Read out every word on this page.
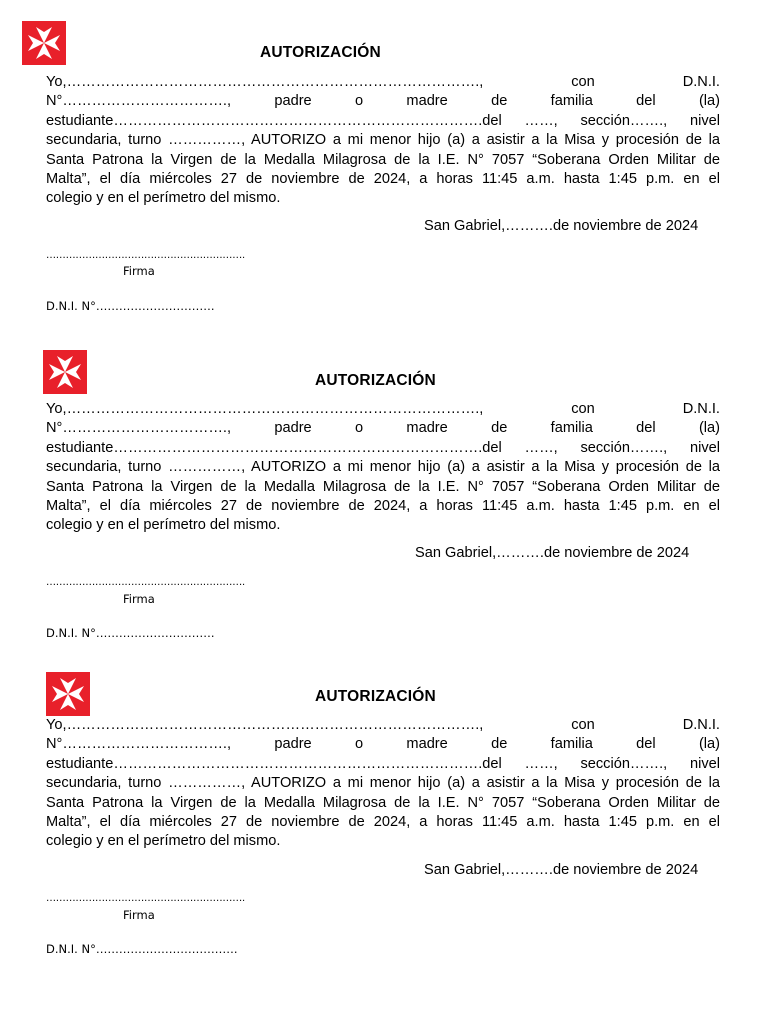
AUTORIZACIÓN
Yo,………………………………………………………………………….,	con	D.N.I.
N°…………………………….,	padre	o	madre	de	familia	del	(la)
estudiante………………………………………………………………….del ……, sección……., nivel
secundaria, turno ……………, AUTORIZO a mi menor hijo (a) a asistir a la Misa y procesión de la
Santa Patrona la Virgen de la Medalla Milagrosa de la I.E. N° 7057 “Soberana Orden Militar de
Malta”, el día miércoles 27 de noviembre de 2024, a horas 11:45 a.m. hasta 1:45 p.m. en el
colegio y en el perímetro del mismo.
San Gabriel,……….de noviembre de 2024
…………………………………………………….
Firma
D.N.I. N°………………………….
AUTORIZACIÓN
Yo,………………………………………………………………………….,	con	D.N.I.
N°…………………………….,	padre	o	madre	de	familia	del	(la)
estudiante………………………………………………………………….del ……, sección……., nivel
secundaria, turno ……………, AUTORIZO a mi menor hijo (a) a asistir a la Misa y procesión de la
Santa Patrona la Virgen de la Medalla Milagrosa de la I.E. N° 7057 “Soberana Orden Militar de
Malta”, el día miércoles 27 de noviembre de 2024, a horas 11:45 a.m. hasta 1:45 p.m. en el
colegio y en el perímetro del mismo.
San Gabriel,……….de noviembre de 2024
…………………………………………………….
Firma
D.N.I. N°………………………….
AUTORIZACIÓN
Yo,………………………………………………………………………….,	con	D.N.I.
N°…………………………….,	padre	o	madre	de	familia	del	(la)
estudiante………………………………………………………………….del ……, sección……., nivel
secundaria, turno ……………, AUTORIZO a mi menor hijo (a) a asistir a la Misa y procesión de la
Santa Patrona la Virgen de la Medalla Milagrosa de la I.E. N° 7057 “Soberana Orden Militar de
Malta”, el día miércoles 27 de noviembre de 2024, a horas 11:45 a.m. hasta 1:45 p.m. en el
colegio y en el perímetro del mismo.
San Gabriel,……….de noviembre de 2024
…………………………………………………….
Firma
D.N.I. N°……………………………….
